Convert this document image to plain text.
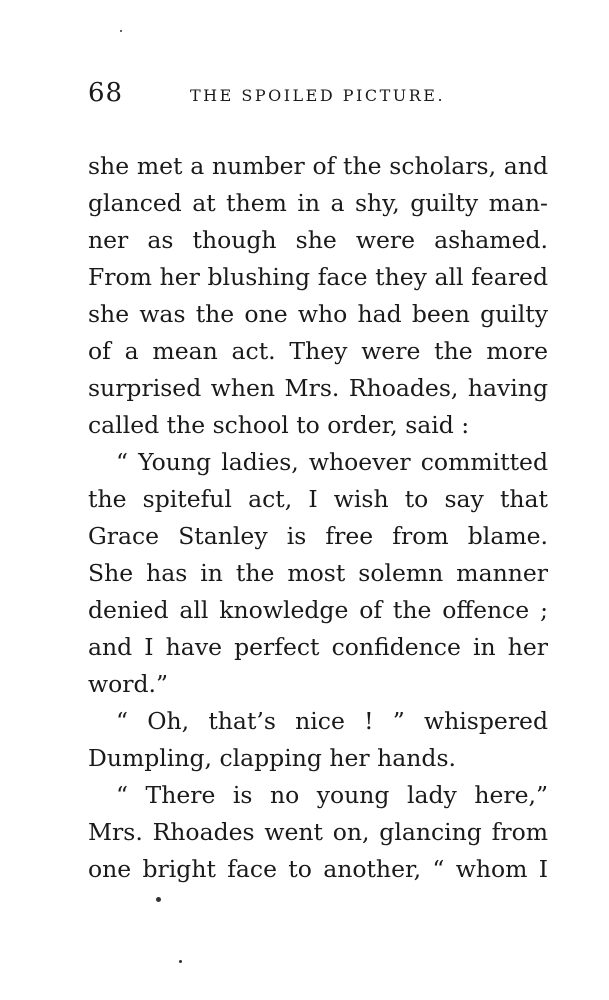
68	THE SPOILED PICTURE.
she met a number of the scholars, and
glanced at them in a shy, guilty man-
ner as though she were ashamed.
From her blushing face they all feared
she was the one who had been guilty
of a mean act. They were the more
surprised when Mrs. Rhoades, having
called the school to order, said :
“ Young ladies, whoever committed
the spiteful act, I wish to say that
Grace Stanley is free from blame.
She has in the most solemn manner
denied all knowledge of the offence ;
and I have perfect confidence in her
word.”
“ Oh, that’s nice ! ” whispered
Dumpling, clapping her hands.
“ There is no young lady here,”
Mrs. Rhoades went on, glancing from
one bright face to another, “ whom I
